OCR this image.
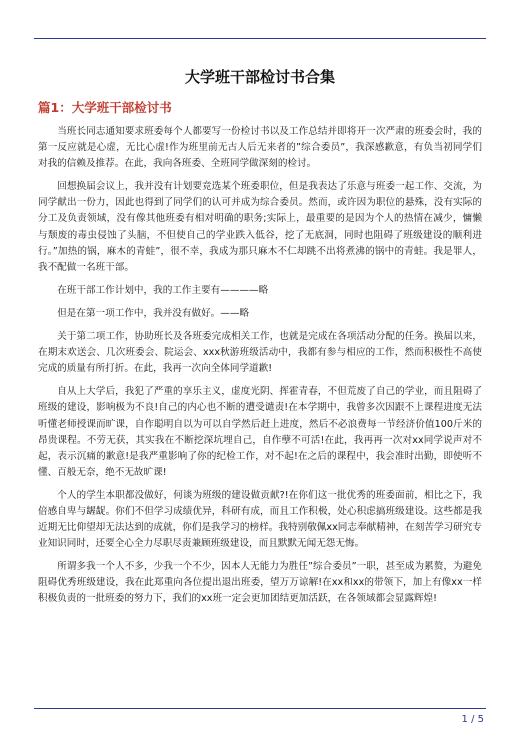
大学班干部检讨书合集
篇1：大学班干部检讨书

当班长同志通知要求班委每个人都要写一份检讨书以及工作总结并即将开一次严肃的班委会时，我的第一反应就是心虚，无比心虚!作为班里前无古人后无来者的”综合委员”，我深感歉意，有负当初同学们对我的信赖及推荐。在此，我向各班委、全班同学做深刻的检讨。

回想换届会议上，我并没有计划要竞选某个班委职位，但是我表达了乐意与班委一起工作、交流，为同学献出一份力，因此也得到了同学们的认可并成为综合委员。然而，或许因为职位的悬殊，没有实际的分工及负责领域，没有像其他班委有相对明确的职务;实际上，最重要的是因为个人的热情在减少，慵懒与颓废的毒虫侵蚀了头脑，不但使自己的学业跌入低谷，挖了无底洞，同时也阻碍了班级建设的顺利进行。”加热的锅，麻木的青蛙”，很不幸，我成为那只麻木不仁却跳不出将煮沸的锅中的青蛙。我是罪人，我不配做一名班干部。

在班干部工作计划中，我的工作主要有————略

但是在第一项工作中，我并没有做好。——略

关于第二项工作，协助班长及各班委完成相关工作，也就是完成在各项活动分配的任务。换届以来，在期末欢送会、几次班委会、院运会、xxx秋游班级活动中，我都有参与相应的工作，然而积极性不高使完成的质量有所打折。在此，我再一次向全体同学道歉!

自从上大学后，我犯了严重的享乐主义，虚度光阴、挥霍青春，不但荒废了自己的学业，而且阻碍了班级的建设，影响极为不良!自己的内心也不断的遭受谴责!在本学期中，我曾多次因跟不上课程进度无法听懂老师授课而旷课，自作聪明自以为可以自学然后赶上进度，然后不必浪费每一节经济价值100斤米的昂贵课程。不劳无获，其实我在不断挖深坑埋自己，自作孽不可活!在此，我再再一次对xx同学说声对不起，表示沉痛的歉意!是我严重影响了你的纪检工作，对不起!在之后的课程中，我会准时出勤，即使听不懂、百般无奈，绝不无故旷课!

个人的学生本职都没做好，何谈为班级的建设做贡献?!在你们这一批优秀的班委面前，相比之下，我倍感自卑与龌龊。你们不但学习成绩优异，科研有成，而且工作积极，处心积虑搞班级建设。这些都是我近期无比仰望却无法达到的成就，你们是我学习的榜样。我特别敬佩xx同志奉献精神，在刻苦学习研究专业知识同时，还要全心全力尽职尽责兼顾班级建设，而且默默无闻无怨无悔。

所谓多我一个人不多，少我一个不少，因本人无能力为胜任”综合委员”一职，甚至成为累赘，为避免阻碍优秀班级建设，我在此郑重向各位提出退出班委，望万万谅解!在xx和xx的带领下，加上有像xx一样积极负责的一批班委的努力下，我们的xx班一定会更加团结更加活跃，在各领域都会显露辉煌!

1 / 5
